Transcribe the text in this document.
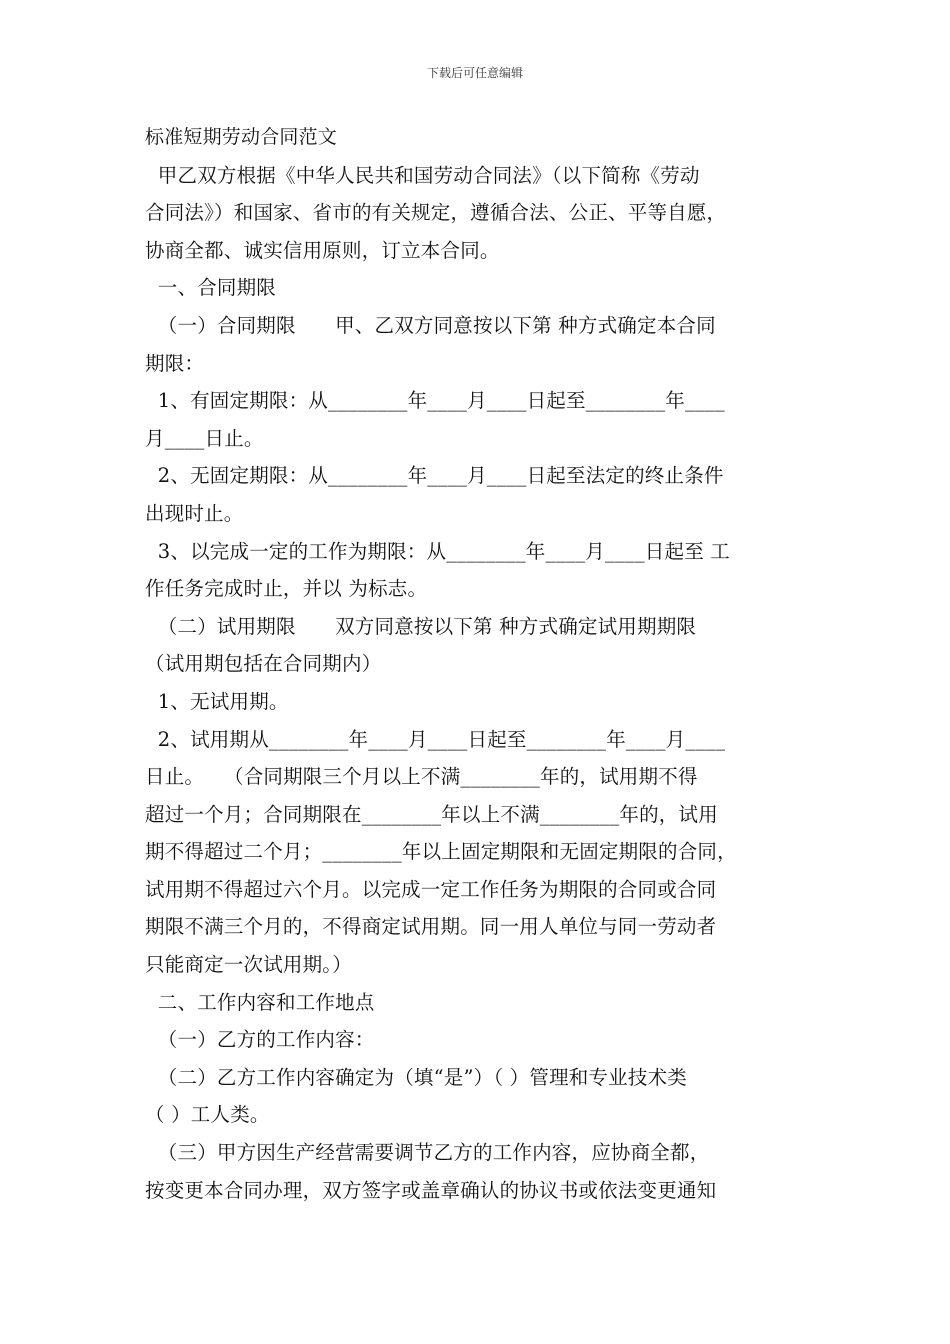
下载后可任意编辑
标准短期劳动合同范文
甲乙双方根据《中华人民共和国劳动合同法》（以下简称《劳动
合同法》）和国家、省市的有关规定，遵循合法、公正、平等自愿，
协商全都、诚实信用原则，订立本合同。
一、合同期限
（一）合同期限　　甲、乙双方同意按以下第 种方式确定本合同
期限：
1、有固定期限：从________年____月____日起至________年____
月____日止。
2、无固定期限：从________年____月____日起至法定的终止条件
出现时止。
3、以完成一定的工作为期限：从________年____月____日起至 工
作任务完成时止，并以 为标志。
（二）试用期限　　双方同意按以下第 种方式确定试用期期限
（试用期包括在合同期内）
1、无试用期。
2、试用期从________年____月____日起至________年____月____
日止。　　（合同期限三个月以上不满________年的，试用期不得
超过一个月；合同期限在________年以上不满________年的，试用
期不得超过二个月；________年以上固定期限和无固定期限的合同，
试用期不得超过六个月。以完成一定工作任务为期限的合同或合同
期限不满三个月的，不得商定试用期。同一用人单位与同一劳动者
只能商定一次试用期。）
二、工作内容和工作地点
（一）乙方的工作内容：
（二）乙方工作内容确定为（填“是”）（ ）管理和专业技术类
（ ）工人类。
（三）甲方因生产经营需要调节乙方的工作内容，应协商全都，
按变更本合同办理，双方签字或盖章确认的协议书或依法变更通知
